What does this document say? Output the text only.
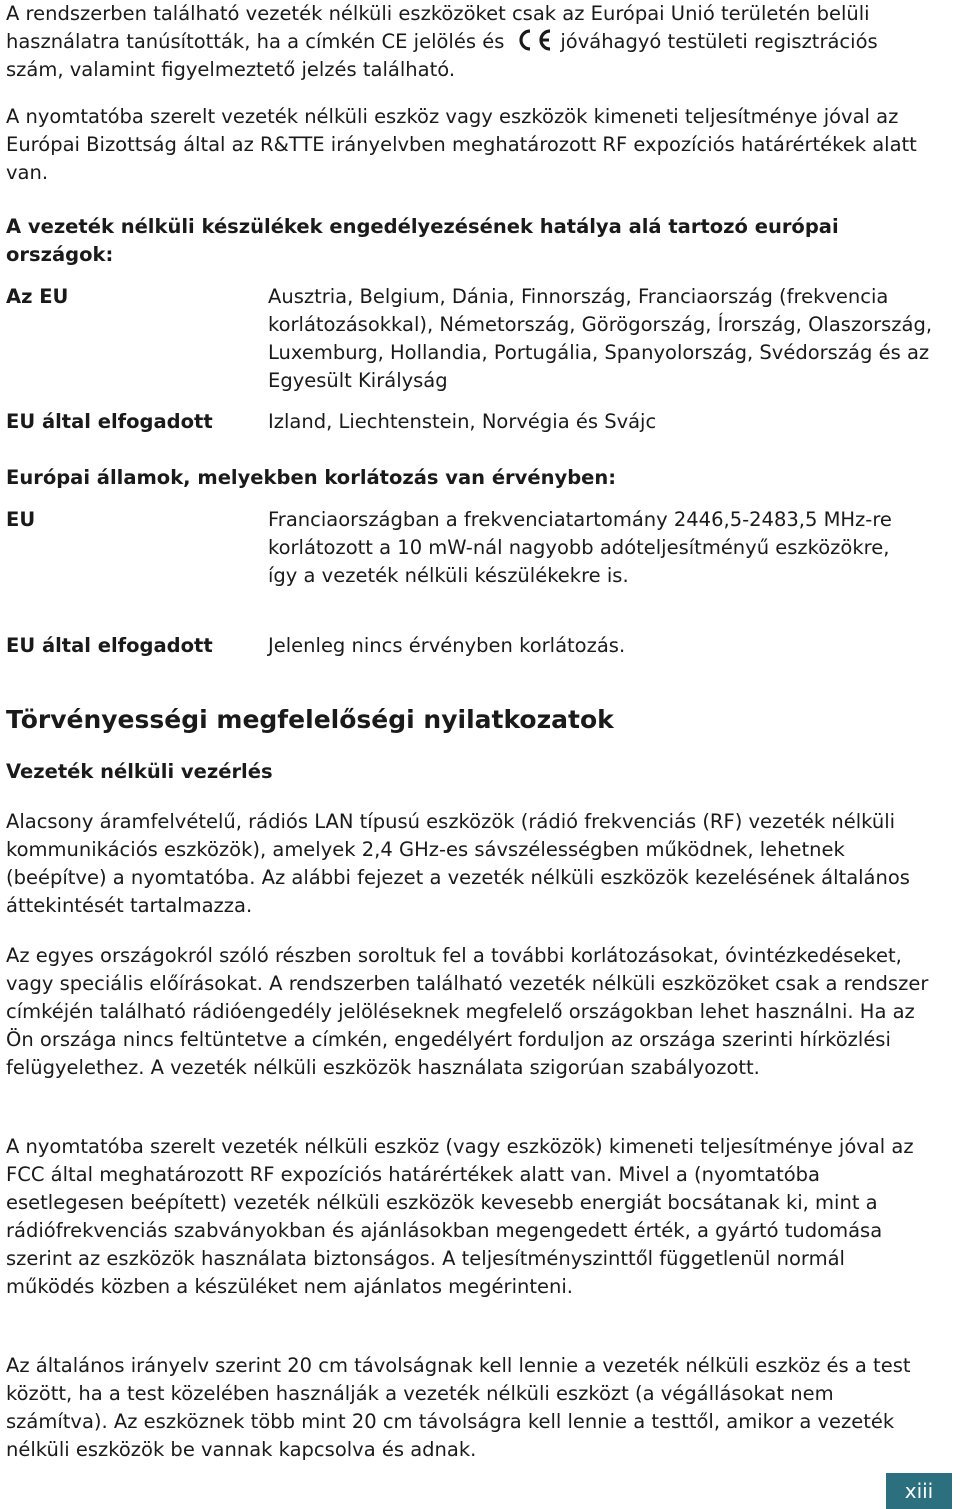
A rendszerben található vezeték nélküli eszközöket csak az Európai Unió területén belüli használatra tanúsították, ha a címkén CE jelölés és	jóváhagyó testületi regisztrációs szám, valamint figyelmeztető jelzés található.

A nyomtatóba szerelt vezeték nélküli eszköz vagy eszközök kimeneti teljesítménye jóval az Európai Bizottság által az R&TTE irányelvben meghatározott RF expozíciós határértékek alatt van.

A vezeték nélküli készülékek engedélyezésének hatálya alá tartozó európai országok:

Az EU	Ausztria, Belgium, Dánia, Finnország, Franciaország (frekvencia korlátozásokkal), Németország, Görögország, Írország, Olaszország, Luxemburg, Hollandia, Portugália, Spanyolország, Svédország és az Egyesült Királyság
EU által elfogadott	Izland, Liechtenstein, Norvégia és Svájc

Európai államok, melyekben korlátozás van érvényben:

EU	Franciaországban a frekvenciatartomány 2446,5-2483,5 MHz-re korlátozott a 10 mW-nál nagyobb adóteljesítményű eszközökre, így a vezeték nélküli készülékekre is.
EU által elfogadott	Jelenleg nincs érvényben korlátozás.
Törvényességi megfelelőségi nyilatkozatok
Vezeték nélküli vezérlés

Alacsony áramfelvételű, rádiós LAN típusú eszközök (rádió frekvenciás (RF) vezeték nélküli kommunikációs eszközök), amelyek 2,4 GHz-es sávszélességben működnek, lehetnek (beépítve) a nyomtatóba. Az alábbi fejezet a vezeték nélküli eszközök kezelésének általános áttekintését tartalmazza.

Az egyes országokról szóló részben soroltuk fel a további korlátozásokat, óvintézkedéseket, vagy speciális előírásokat. A rendszerben található vezeték nélküli eszközöket csak a rendszer címkéjén található rádióengedély jelöléseknek megfelelő országokban lehet használni. Ha az Ön országa nincs feltüntetve a címkén, engedélyért forduljon az országa szerinti hírközlési felügyelethez. A vezeték nélküli eszközök használata szigorúan szabályozott.

A nyomtatóba szerelt vezeték nélküli eszköz (vagy eszközök) kimeneti teljesítménye jóval az FCC által meghatározott RF expozíciós határértékek alatt van. Mivel a (nyomtatóba esetlegesen beépített) vezeték nélküli eszközök kevesebb energiát bocsátanak ki, mint a rádiófrekvenciás szabványokban és ajánlásokban megengedett érték, a gyártó tudomása szerint az eszközök használata biztonságos. A teljesítményszinttől függetlenül normál működés közben a készüléket nem ajánlatos megérinteni.

Az általános irányelv szerint 20 cm távolságnak kell lennie a vezeték nélküli eszköz és a test között, ha a test közelében használják a vezeték nélküli eszközt (a végállásokat nem számítva). Az eszköznek több mint 20 cm távolságra kell lennie a testtől, amikor a vezeték nélküli eszközök be vannak kapcsolva és adnak.

xiii
